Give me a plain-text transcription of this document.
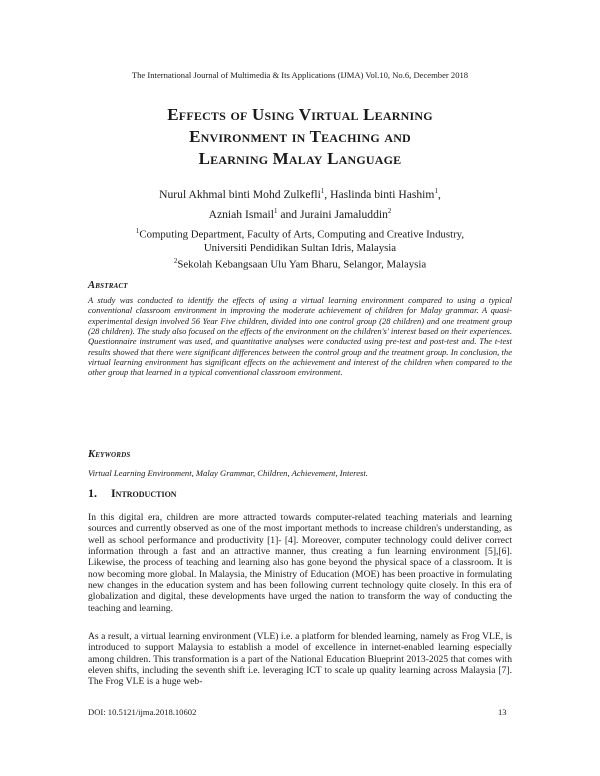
The International Journal of Multimedia & Its Applications (IJMA) Vol.10, No.6, December 2018
Effects of Using Virtual Learning
Environment in Teaching and
Learning Malay Language
Nurul Akhmal binti Mohd Zulkefli$^1$, Haslinda binti Hashim$^1$,
Azniah Ismail$^1$ and Juraini Jamaluddin$^2$
$^1$Computing Department, Faculty of Arts, Computing and Creative Industry,
Universiti Pendidikan Sultan Idris, Malaysia
$^2$Sekolah Kebangsaan Ulu Yam Bharu, Selangor, Malaysia
Abstract
A study was conducted to identify the effects of using a virtual learning environment compared to using a typical conventional classroom environment in improving the moderate achievement of children for Malay grammar. A quasi-experimental design involved 56 Year Five children, divided into one control group (28 children) and one treatment group (28 children). The study also focused on the effects of the environment on the children's' interest based on their experiences. Questionnaire instrument was used, and quantitative analyses were conducted using pre-test and post-test and. The t-test results showed that there were significant differences between the control group and the treatment group. In conclusion, the virtual learning environment has significant effects on the achievement and interest of the children when compared to the other group that learned in a typical conventional classroom environment.
Keywords
Virtual Learning Environment, Malay Grammar, Children, Achievement, Interest.
1. Introduction
In this digital era, children are more attracted towards computer-related teaching materials and learning sources and currently observed as one of the most important methods to increase children's understanding, as well as school performance and productivity [1]- [4]. Moreover, computer technology could deliver correct information through a fast and an attractive manner, thus creating a fun learning environment [5],[6]. Likewise, the process of teaching and learning also has gone beyond the physical space of a classroom. It is now becoming more global. In Malaysia, the Ministry of Education (MOE) has been proactive in formulating new changes in the education system and has been following current technology quite closely. In this era of globalization and digital, these developments have urged the nation to transform the way of conducting the teaching and learning.
As a result, a virtual learning environment (VLE) i.e. a platform for blended learning, namely as Frog VLE, is introduced to support Malaysia to establish a model of excellence in internet-enabled learning especially among children. This transformation is a part of the National Education Blueprint 2013-2025 that comes with eleven shifts, including the seventh shift i.e. leveraging ICT to scale up quality learning across Malaysia [7]. The Frog VLE is a huge web-
DOI: 10.5121/ijma.2018.10602	13
